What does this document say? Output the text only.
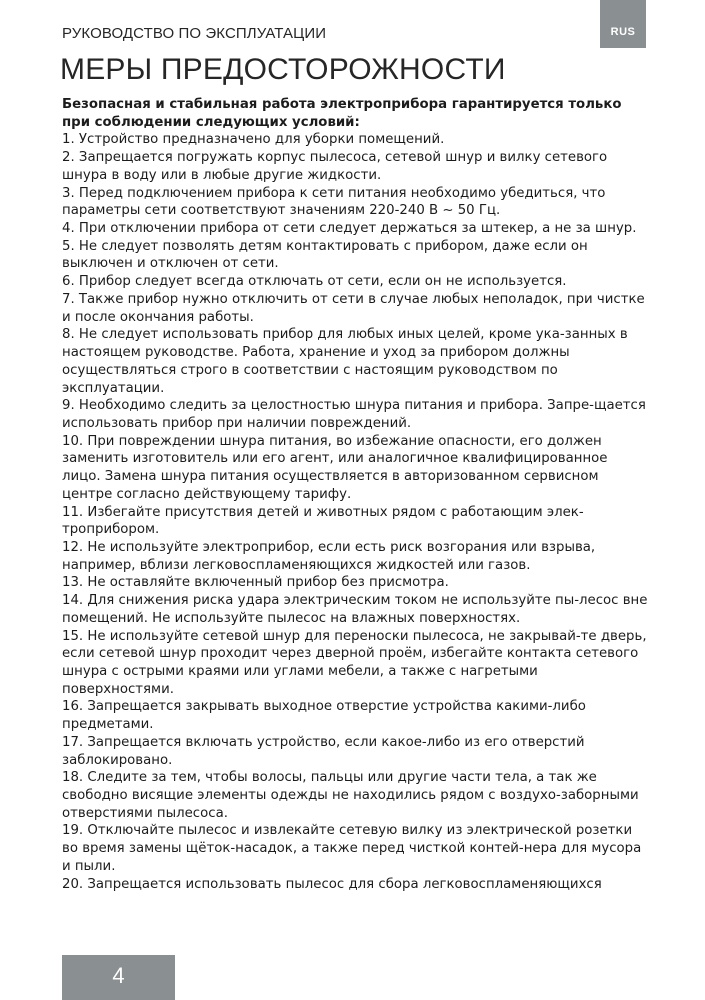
РУКОВОДСТВО ПО ЭКСПЛУАТАЦИИ	RUS
МЕРЫ ПРЕДОСТОРОЖНОСТИ

Безопасная и стабильная работа электроприбора гарантируется только при соблюдении следующих условий:

1. Устройство предназначено для уборки помещений.

2. Запрещается погружать корпус пылесоса, сетевой шнур и вилку сетевого шнура в воду или в любые другие жидкости.

3. Перед подключением прибора к сети питания необходимо убедиться, что параметры сети соответствуют значениям 220-240 В ~ 50 Гц.

4. При отключении прибора от сети следует держаться за штекер, а не за шнур.

5. Не следует позволять детям контактировать с прибором, даже если он выключен и отключен от сети.

6. Прибор следует всегда отключать от сети, если он не используется.

7. Также прибор нужно отключить от сети в случае любых неполадок, при чистке и после окончания работы.

8. Не следует использовать прибор для любых иных целей, кроме ука-занных в настоящем руководстве. Работа, хранение и уход за прибором должны осуществляться строго в соответствии с настоящим руководством по эксплуатации.

9. Необходимо следить за целостностью шнура питания и прибора. Запре-щается использовать прибор при наличии повреждений.

10. При повреждении шнура питания, во избежание опасности, его должен заменить изготовитель или его агент, или аналогичное квалифицированное лицо. Замена шнура питания осуществляется в авторизованном сервисном центре согласно действующему тарифу.

11. Избегайте присутствия детей и животных рядом с работающим элек-троприбором.

12. Не используйте электроприбор, если есть риск возгорания или взрыва, например, вблизи легковоспламеняющихся жидкостей или газов.

13. Не оставляйте включенный прибор без присмотра.

14. Для снижения риска удара электрическим током не используйте пы-лесос вне помещений. Не используйте пылесос на влажных поверхностях.

15. Не используйте сетевой шнур для переноски пылесоса, не закрывай-те дверь, если сетевой шнур проходит через дверной проём, избегайте контакта сетевого шнура с острыми краями или углами мебели, а также с нагретыми поверхностями.

16. Запрещается закрывать выходное отверстие устройства какими-либо предметами.

17. Запрещается включать устройство, если какое-либо из его отверстий заблокировано.

18. Следите за тем, чтобы волосы, пальцы или другие части тела, а так же свободно висящие элементы одежды не находились рядом с воздухо-заборными отверстиями пылесоса.

19. Отключайте пылесос и извлекайте сетевую вилку из электрической розетки во время замены щёток-насадок, а также перед чисткой контей-нера для мусора и пыли.

20. Запрещается использовать пылесос для сбора легковоспламеняющихся

4
